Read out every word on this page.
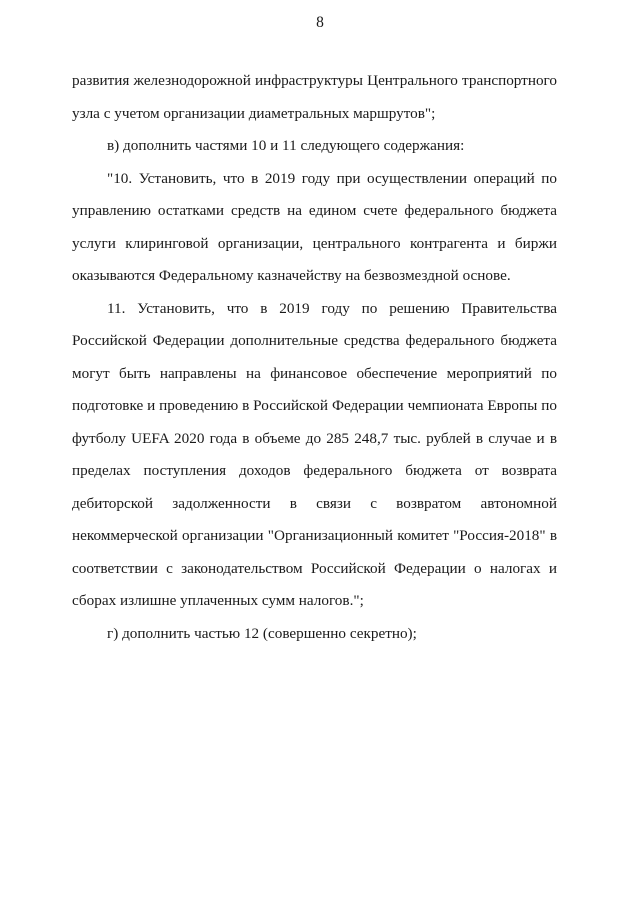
8

развития железнодорожной инфраструктуры Центрального транспортного узла с учетом организации диаметральных маршрутов";

в) дополнить частями 10 и 11 следующего содержания:

"10. Установить, что в 2019 году при осуществлении операций по управлению остатками средств на едином счете федерального бюджета услуги клиринговой организации, центрального контрагента и биржи оказываются Федеральному казначейству на безвозмездной основе.

11. Установить, что в 2019 году по решению Правительства Российской Федерации дополнительные средства федерального бюджета могут быть направлены на финансовое обеспечение мероприятий по подготовке и проведению в Российской Федерации чемпионата Европы по футболу UEFA 2020 года в объеме до 285 248,7 тыс. рублей в случае и в пределах поступления доходов федерального бюджета от возврата дебиторской задолженности в связи с возвратом автономной некоммерческой организации "Организационный комитет "Россия-2018" в соответствии с законодательством Российской Федерации о налогах и сборах излишне уплаченных сумм налогов.";

г) дополнить частью 12 (совершенно секретно);
